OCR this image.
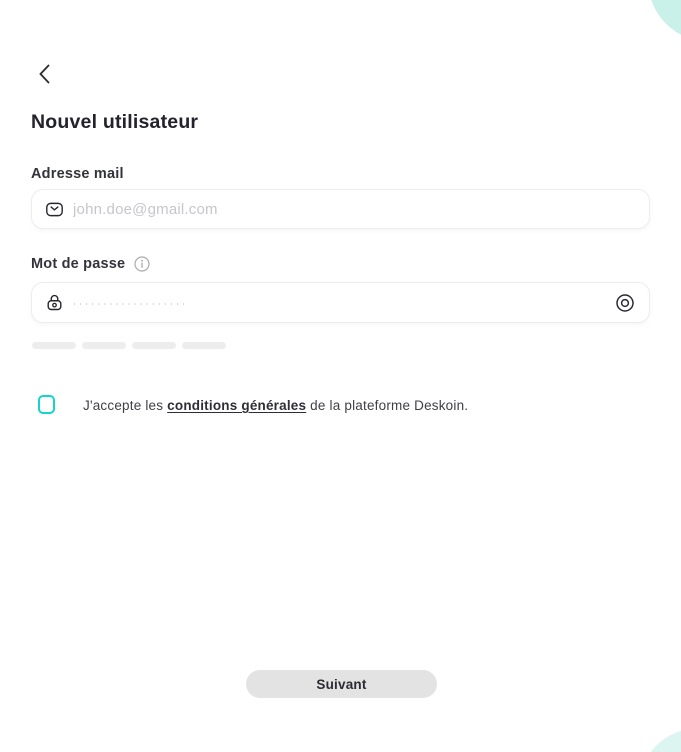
Nouvel utilisateur
Adresse mail
john.doe@gmail.com
Mot de passe
∙∙∙∙∙∙∙∙∙∙∙∙∙∙∙∙∙∙∙
J'accepte les conditions générales de la plateforme Deskoin.
Suivant
